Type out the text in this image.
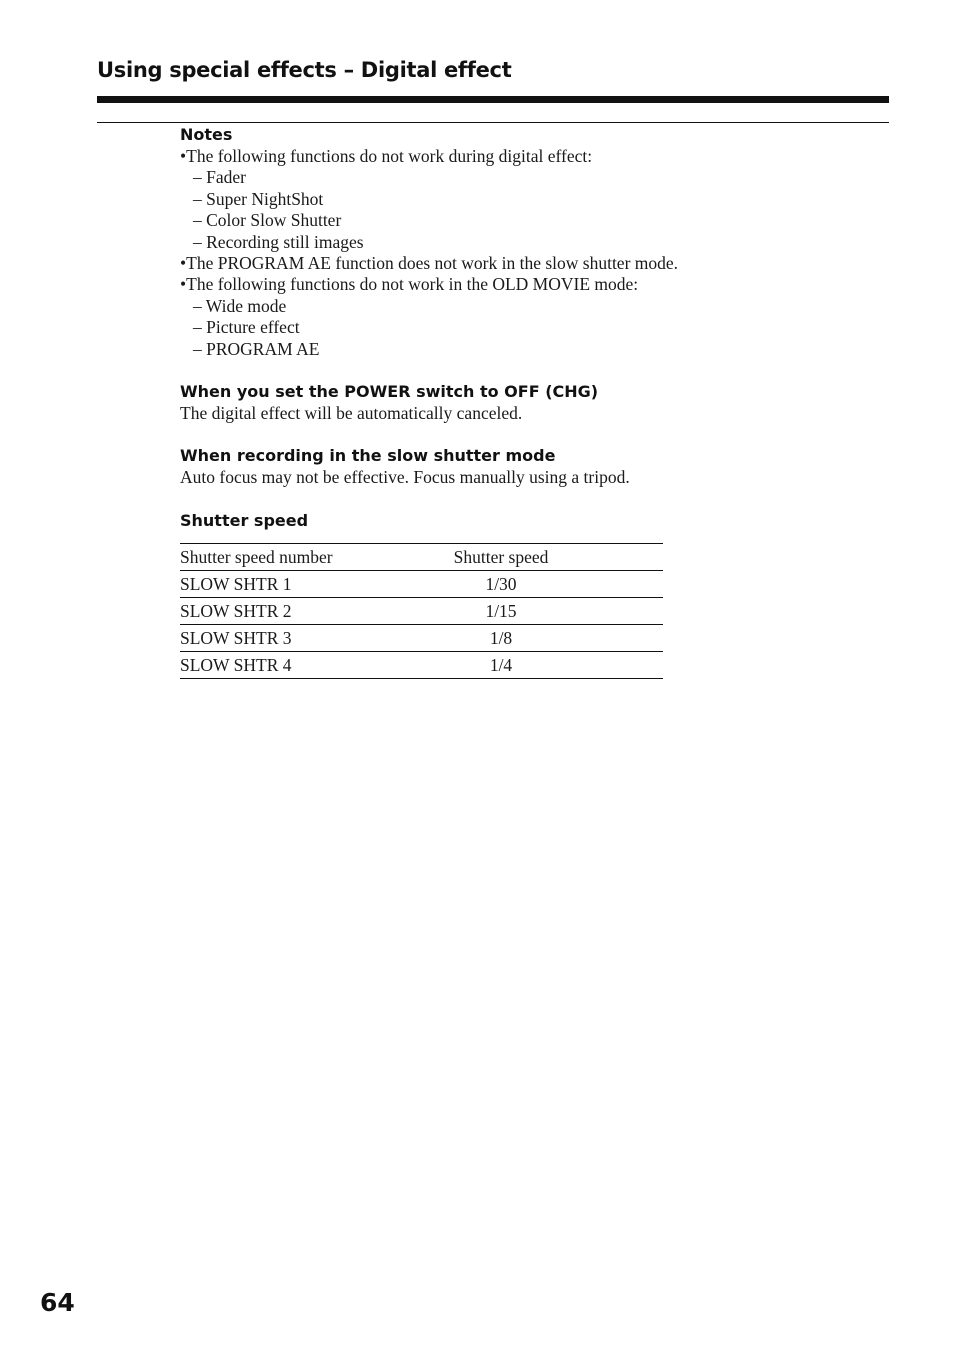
Using special effects – Digital effect
Notes
•The following functions do not work during digital effect:
– Fader
– Super NightShot
– Color Slow Shutter
– Recording still images
•The PROGRAM AE function does not work in the slow shutter mode.
•The following functions do not work in the OLD MOVIE mode:
– Wide mode
– Picture effect
– PROGRAM AE
When you set the POWER switch to OFF (CHG)
The digital effect will be automatically canceled.
When recording in the slow shutter mode
Auto focus may not be effective. Focus manually using a tripod.
Shutter speed
Shutter speed number	Shutter speed
SLOW SHTR 1	1/30
SLOW SHTR 2	1/15
SLOW SHTR 3	1/8
SLOW SHTR 4	1/4
64
